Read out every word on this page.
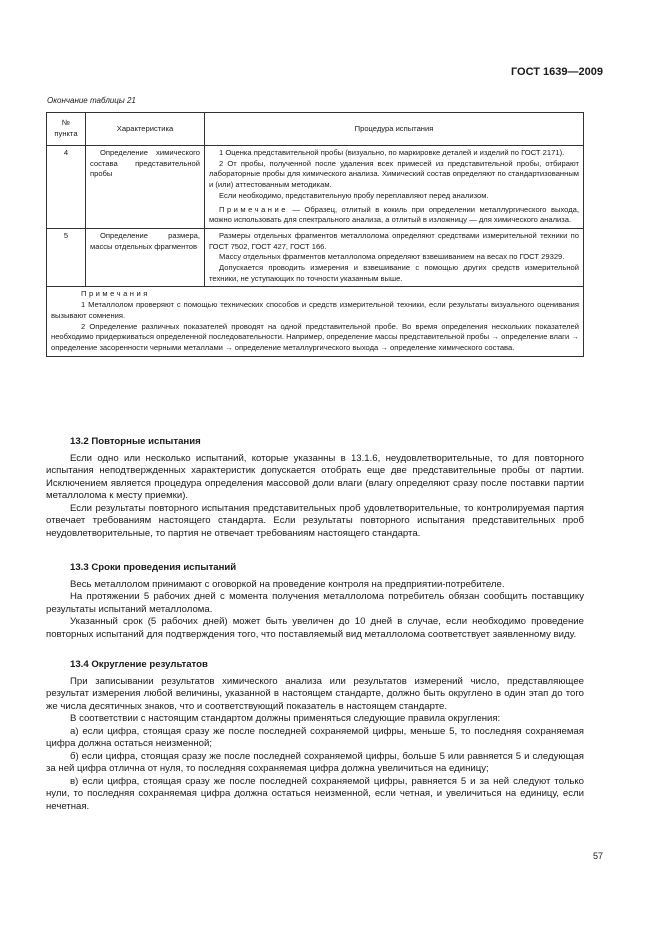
ГОСТ 1639—2009
Окончание таблицы 21
№ пункта	Характеристика	Процедура испытания
4	Определение химического состава представительной пробы	1 Оценка представительной пробы (визуально, по маркировке деталей и изделий по ГОСТ 2171).

2 От пробы, полученной после удаления всех примесей из представительной пробы, отбирают лабораторные пробы для химического анализа. Химический состав определяют по стандартизованным и (или) аттестованным методикам.

Если необходимо, представительную пробу переплавляют перед анализом.

Примечание — Образец, отлитый в кокиль при определении металлургического выхода, можно использовать для спектрального анализа, а отлитый в изложницу — для химического анализа.

5	Определение размера, массы отдельных фрагментов	Размеры отдельных фрагментов металлолома определяют средствами измерительной техники по ГОСТ 7502, ГОСТ 427, ГОСТ 166.

Массу отдельных фрагментов металлолома определяют взвешиванием на весах по ГОСТ 29329.

Допускается проводить измерения и взвешивание с помощью других средств измерительной техники, не уступающих по точности указанным выше.

Примечания

1 Металлолом проверяют с помощью технических способов и средств измерительной техники, если результаты визуального оценивания вызывают сомнения.

2 Определение различных показателей проводят на одной представительной пробе. Во время определения нескольких показателей необходимо придерживаться определенной последовательности. Например, определение массы представительной пробы → определение влаги → определение засоренности черными металлами → определение металлургического выхода → определение химического состава.		

13.2 Повторные испытания

Если одно или несколько испытаний, которые указанны в 13.1.6, неудовлетворительные, то для повторного испытания неподтвержденных характеристик допускается отобрать еще две представительные пробы от партии. Исключением является процедура определения массовой доли влаги (влагу определяют сразу после поставки партии металлолома к месту приемки).

Если результаты повторного испытания представительных проб удовлетворительные, то контролируемая партия отвечает требованиям настоящего стандарта. Если результаты повторного испытания представительных проб неудовлетворительные, то партия не отвечает требованиям настоящего стандарта.

13.3 Сроки проведения испытаний

Весь металлолом принимают с оговоркой на проведение контроля на предприятии-потребителе.

На протяжении 5 рабочих дней с момента получения металлолома потребитель обязан сообщить поставщику результаты испытаний металлолома.

Указанный срок (5 рабочих дней) может быть увеличен до 10 дней в случае, если необходимо проведение повторных испытаний для подтверждения того, что поставляемый вид металлолома соответствует заявленному виду.

13.4 Округление результатов

При записывании результатов химического анализа или результатов измерений число, представляющее результат измерения любой величины, указанной в настоящем стандарте, должно быть округлено в один этап до того же числа десятичных знаков, что и соответствующий показатель в настоящем стандарте.

В соответствии с настоящим стандартом должны применяться следующие правила округления:

а) если цифра, стоящая сразу же после последней сохраняемой цифры, меньше 5, то последняя сохраняемая цифра должна остаться неизменной;

б) если цифра, стоящая сразу же после последней сохраняемой цифры, больше 5 или равняется 5 и следующая за ней цифра отлична от нуля, то последняя сохраняемая цифра должна увеличиться на единицу;

в) если цифра, стоящая сразу же после последней сохраняемой цифры, равняется 5 и за ней следуют только нули, то последняя сохраняемая цифра должна остаться неизменной, если четная, и увеличиться на единицу, если нечетная.

57
